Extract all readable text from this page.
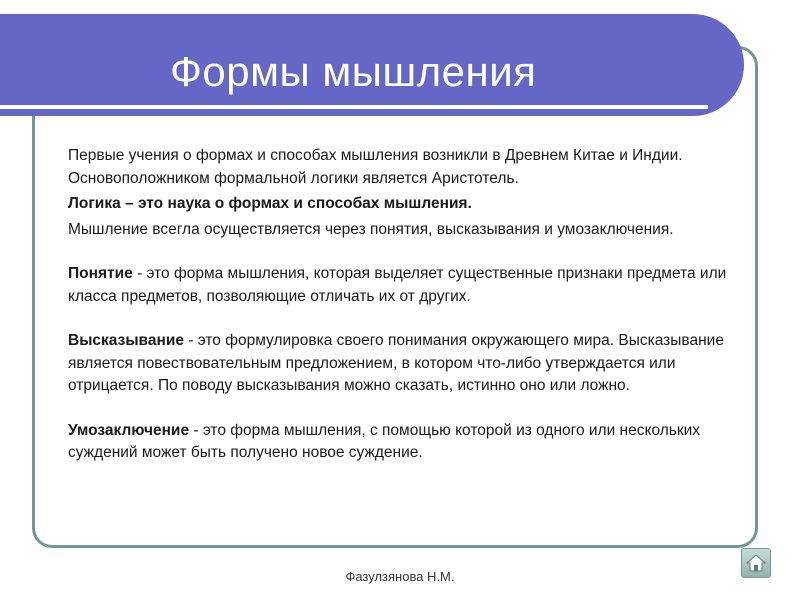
Формы мышления

Первые учения о формах и способах мышления возникли в Древнем Китае и Индии. Основоположником формальной логики является Аристотель.

Логика – это наука о формах и способах мышления.

Мышление всегла осуществляется через понятия, высказывания и умозаключения.

Понятие - это форма мышления, которая выделяет существенные признаки предмета или класса предметов, позволяющие отличать их от других.

Высказывание - это формулировка своего понимания окружающего мира. Высказывание является повествовательным предложением, в котором что-либо утверждается или отрицается. По поводу высказывания можно сказать, истинно оно или ложно.

Умозаключение - это форма мышления, с помощью которой из одного или нескольких суждений может быть получено новое суждение.

Фазулзянова Н.М.
